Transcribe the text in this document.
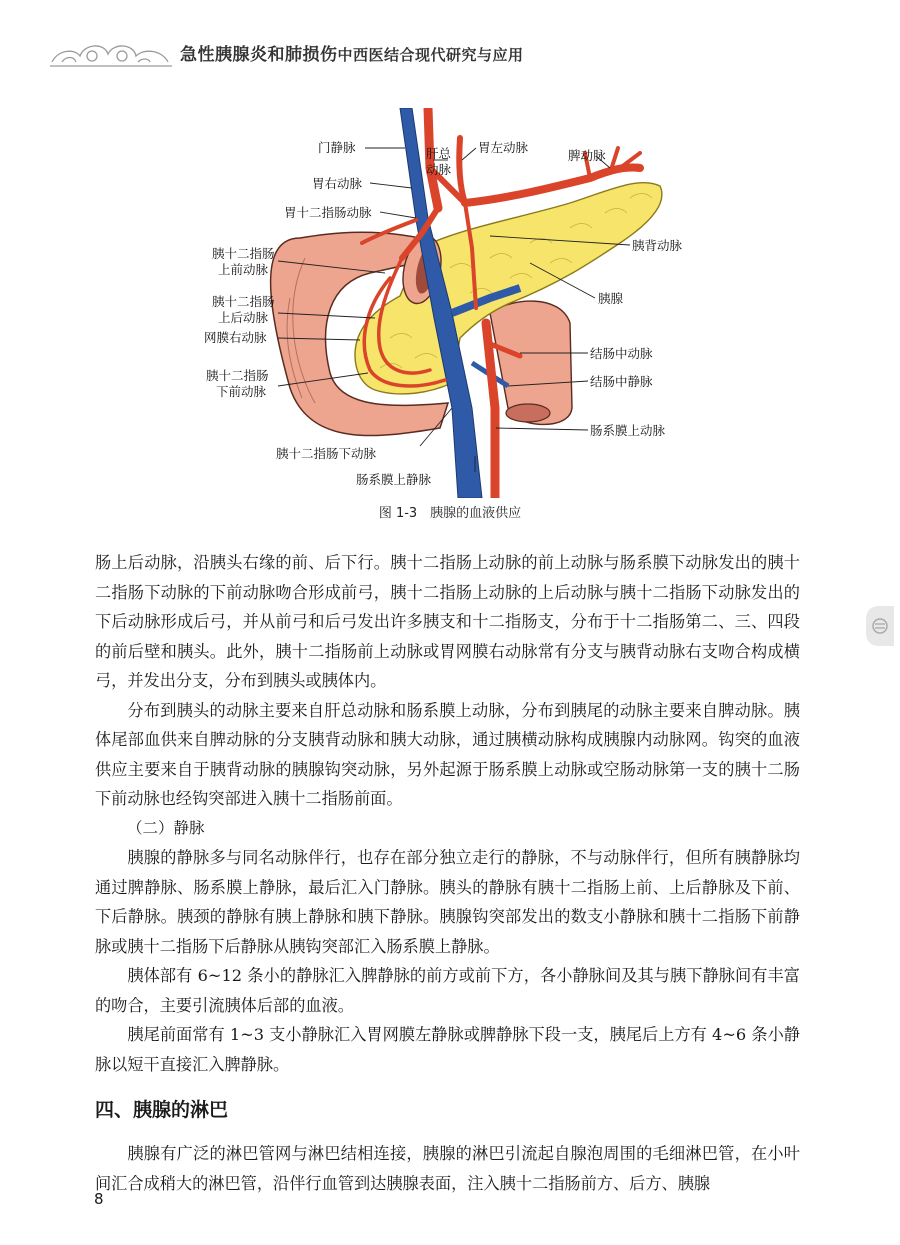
急性胰腺炎和肺损伤中西医结合现代研究与应用
门静脉	肝总
动脉
胃左动脉
脾动脉
胃右动脉
胃十二指肠动脉
胰背动脉
胰十二指肠
上前动脉
胰十二指肠
上后动脉
网膜右动脉
胰十二指肠
下前动脉
胰腺
结肠中动脉
结肠中静脉
肠系膜上动脉
胰十二指肠下动脉
肠系膜上静脉
图 1-3　胰腺的血液供应

肠上后动脉，沿胰头右缘的前、后下行。胰十二指肠上动脉的前上动脉与肠系膜下动脉发出的胰十二指肠下动脉的下前动脉吻合形成前弓，胰十二指肠上动脉的上后动脉与胰十二指肠下动脉发出的下后动脉形成后弓，并从前弓和后弓发出许多胰支和十二指肠支，分布于十二指肠第二、三、四段的前后壁和胰头。此外，胰十二指肠前上动脉或胃网膜右动脉常有分支与胰背动脉右支吻合构成横弓，并发出分支，分布到胰头或胰体内。

分布到胰头的动脉主要来自肝总动脉和肠系膜上动脉，分布到胰尾的动脉主要来自脾动脉。胰体尾部血供来自脾动脉的分支胰背动脉和胰大动脉，通过胰横动脉构成胰腺内动脉网。钩突的血液供应主要来自于胰背动脉的胰腺钩突动脉，另外起源于肠系膜上动脉或空肠动脉第一支的胰十二肠下前动脉也经钩突部进入胰十二指肠前面。

（二）静脉

胰腺的静脉多与同名动脉伴行，也存在部分独立走行的静脉，不与动脉伴行，但所有胰静脉均通过脾静脉、肠系膜上静脉，最后汇入门静脉。胰头的静脉有胰十二指肠上前、上后静脉及下前、下后静脉。胰颈的静脉有胰上静脉和胰下静脉。胰腺钩突部发出的数支小静脉和胰十二指肠下前静脉或胰十二指肠下后静脉从胰钩突部汇入肠系膜上静脉。

胰体部有 6~12 条小的静脉汇入脾静脉的前方或前下方，各小静脉间及其与胰下静脉间有丰富的吻合，主要引流胰体后部的血液。

胰尾前面常有 1~3 支小静脉汇入胃网膜左静脉或脾静脉下段一支，胰尾后上方有 4~6 条小静脉以短干直接汇入脾静脉。

四、胰腺的淋巴

胰腺有广泛的淋巴管网与淋巴结相连接，胰腺的淋巴引流起自腺泡周围的毛细淋巴管，在小叶间汇合成稍大的淋巴管，沿伴行血管到达胰腺表面，注入胰十二指肠前方、后方、胰腺

8
